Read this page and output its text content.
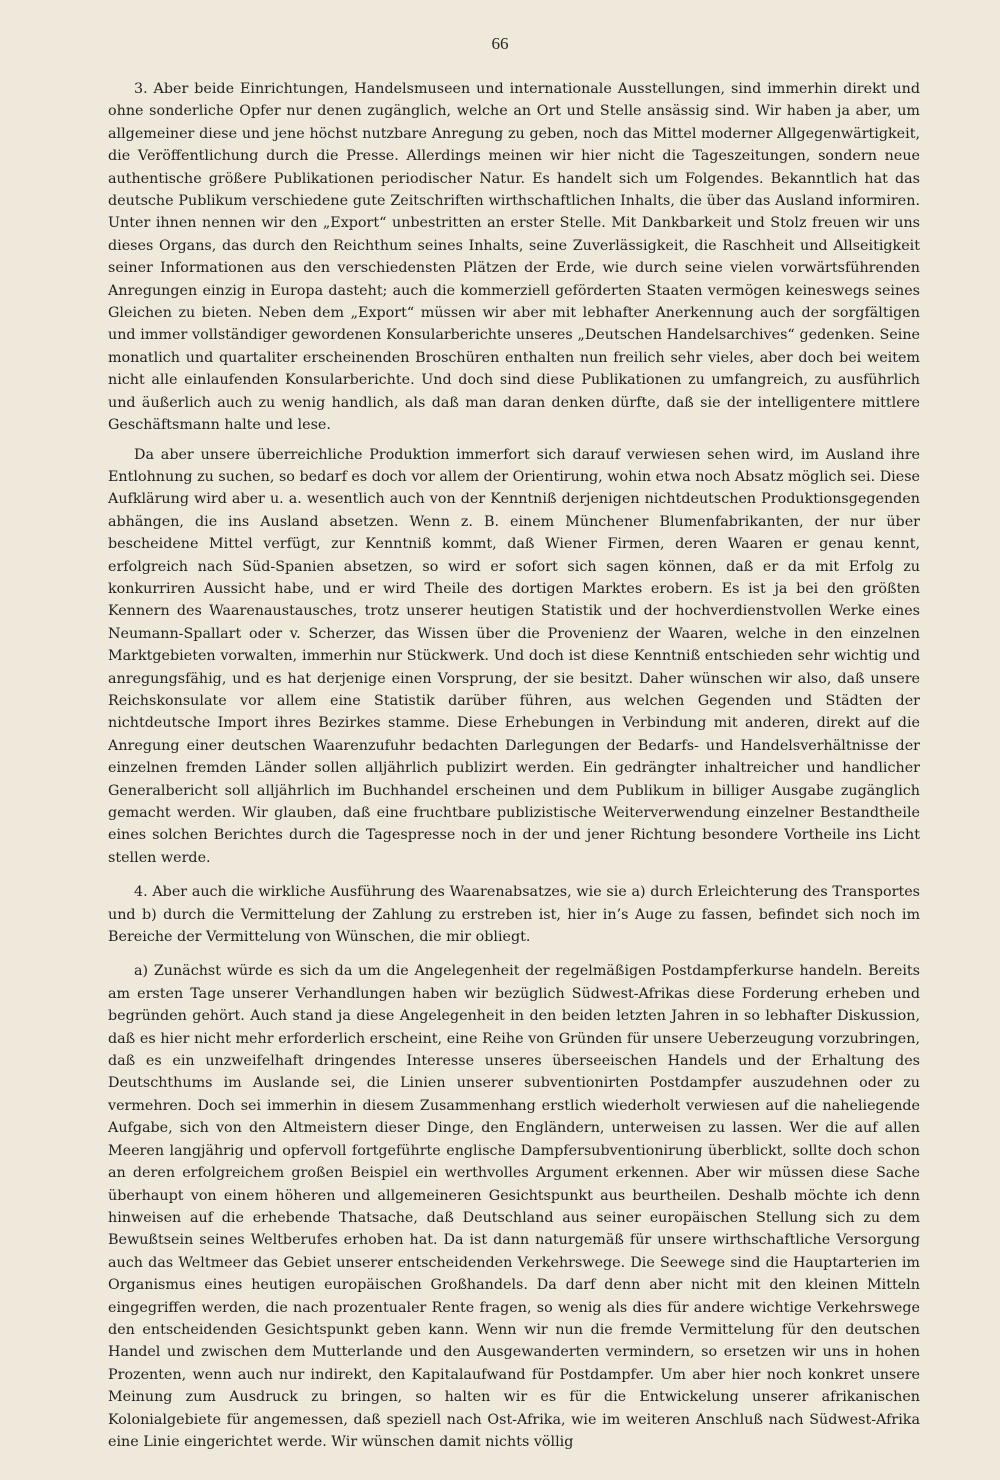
66

3. Aber beide Einrichtungen, Handelsmuseen und internationale Ausstellungen, sind immerhin direkt und ohne sonderliche Opfer nur denen zugänglich, welche an Ort und Stelle ansässig sind. Wir haben ja aber, um allgemeiner diese und jene höchst nutzbare Anregung zu geben, noch das Mittel moderner Allgegenwärtigkeit, die Veröffentlichung durch die Presse. Allerdings meinen wir hier nicht die Tageszeitungen, sondern neue authentische größere Publikationen periodischer Natur. Es handelt sich um Folgendes. Bekanntlich hat das deutsche Publikum verschiedene gute Zeitschriften wirthschaftlichen Inhalts, die über das Ausland informiren. Unter ihnen nennen wir den „Export“ unbestritten an erster Stelle. Mit Dankbarkeit und Stolz freuen wir uns dieses Organs, das durch den Reichthum seines Inhalts, seine Zuverlässigkeit, die Raschheit und Allseitigkeit seiner Informationen aus den verschiedensten Plätzen der Erde, wie durch seine vielen vorwärtsführenden Anregungen einzig in Europa dasteht; auch die kommerziell geförderten Staaten vermögen keineswegs seines Gleichen zu bieten. Neben dem „Export“ müssen wir aber mit lebhafter Anerkennung auch der sorgfältigen und immer vollständiger gewordenen Konsularberichte unseres „Deutschen Handelsarchives“ gedenken. Seine monatlich und quartaliter erscheinenden Broschüren enthalten nun freilich sehr vieles, aber doch bei weitem nicht alle einlaufenden Konsularberichte. Und doch sind diese Publikationen zu umfangreich, zu ausführlich und äußerlich auch zu wenig handlich, als daß man daran denken dürfte, daß sie der intelligentere mittlere Geschäftsmann halte und lese.

Da aber unsere überreichliche Produktion immerfort sich darauf verwiesen sehen wird, im Ausland ihre Entlohnung zu suchen, so bedarf es doch vor allem der Orientirung, wohin etwa noch Absatz möglich sei. Diese Aufklärung wird aber u. a. wesentlich auch von der Kenntniß derjenigen nichtdeutschen Produktionsgegenden abhängen, die ins Ausland absetzen. Wenn z. B. einem Münchener Blumenfabrikanten, der nur über bescheidene Mittel verfügt, zur Kenntniß kommt, daß Wiener Firmen, deren Waaren er genau kennt, erfolgreich nach Süd-Spanien absetzen, so wird er sofort sich sagen können, daß er da mit Erfolg zu konkurriren Aussicht habe, und er wird Theile des dortigen Marktes erobern. Es ist ja bei den größten Kennern des Waarenaustausches, trotz unserer heutigen Statistik und der hochverdienstvollen Werke eines Neumann-Spallart oder v. Scherzer, das Wissen über die Provenienz der Waaren, welche in den einzelnen Marktgebieten vorwalten, immerhin nur Stückwerk. Und doch ist diese Kenntniß entschieden sehr wichtig und anregungsfähig, und es hat derjenige einen Vorsprung, der sie besitzt. Daher wünschen wir also, daß unsere Reichskonsulate vor allem eine Statistik darüber führen, aus welchen Gegenden und Städten der nichtdeutsche Import ihres Bezirkes stamme. Diese Erhebungen in Verbindung mit anderen, direkt auf die Anregung einer deutschen Waarenzufuhr bedachten Darlegungen der Bedarfs- und Handelsverhältnisse der einzelnen fremden Länder sollen alljährlich publizirt werden. Ein gedrängter inhaltreicher und handlicher Generalbericht soll alljährlich im Buchhandel erscheinen und dem Publikum in billiger Ausgabe zugänglich gemacht werden. Wir glauben, daß eine fruchtbare publizistische Weiterverwendung einzelner Bestandtheile eines solchen Berichtes durch die Tagespresse noch in der und jener Richtung besondere Vortheile ins Licht stellen werde.

4. Aber auch die wirkliche Ausführung des Waarenabsatzes, wie sie a) durch Erleichterung des Transportes und b) durch die Vermittelung der Zahlung zu erstreben ist, hier in’s Auge zu fassen, befindet sich noch im Bereiche der Vermittelung von Wünschen, die mir obliegt.

a) Zunächst würde es sich da um die Angelegenheit der regelmäßigen Postdampferkurse handeln. Bereits am ersten Tage unserer Verhandlungen haben wir bezüglich Südwest-Afrikas diese Forderung erheben und begründen gehört. Auch stand ja diese Angelegenheit in den beiden letzten Jahren in so lebhafter Diskussion, daß es hier nicht mehr erforderlich erscheint, eine Reihe von Gründen für unsere Ueberzeugung vorzubringen, daß es ein unzweifelhaft dringendes Interesse unseres überseeischen Handels und der Erhaltung des Deutschthums im Auslande sei, die Linien unserer subventionirten Postdampfer auszudehnen oder zu vermehren. Doch sei immerhin in diesem Zusammenhang erstlich wiederholt verwiesen auf die naheliegende Aufgabe, sich von den Altmeistern dieser Dinge, den Engländern, unterweisen zu lassen. Wer die auf allen Meeren langjährig und opfervoll fortgeführte englische Dampfersubventionirung überblickt, sollte doch schon an deren erfolgreichem großen Beispiel ein werthvolles Argument erkennen. Aber wir müssen diese Sache überhaupt von einem höheren und allgemeineren Gesichtspunkt aus beurtheilen. Deshalb möchte ich denn hinweisen auf die erhebende Thatsache, daß Deutschland aus seiner europäischen Stellung sich zu dem Bewußtsein seines Weltberufes erhoben hat. Da ist dann naturgemäß für unsere wirthschaftliche Versorgung auch das Weltmeer das Gebiet unserer entscheidenden Verkehrswege. Die Seewege sind die Hauptarterien im Organismus eines heutigen europäischen Großhandels. Da darf denn aber nicht mit den kleinen Mitteln eingegriffen werden, die nach prozentualer Rente fragen, so wenig als dies für andere wichtige Verkehrswege den entscheidenden Gesichtspunkt geben kann. Wenn wir nun die fremde Vermittelung für den deutschen Handel und zwischen dem Mutterlande und den Ausgewanderten vermindern, so ersetzen wir uns in hohen Prozenten, wenn auch nur indirekt, den Kapitalaufwand für Postdampfer. Um aber hier noch konkret unsere Meinung zum Ausdruck zu bringen, so halten wir es für die Entwickelung unserer afrikanischen Kolonialgebiete für angemessen, daß speziell nach Ost-Afrika, wie im weiteren Anschluß nach Südwest-Afrika eine Linie eingerichtet werde. Wir wünschen damit nichts völlig
